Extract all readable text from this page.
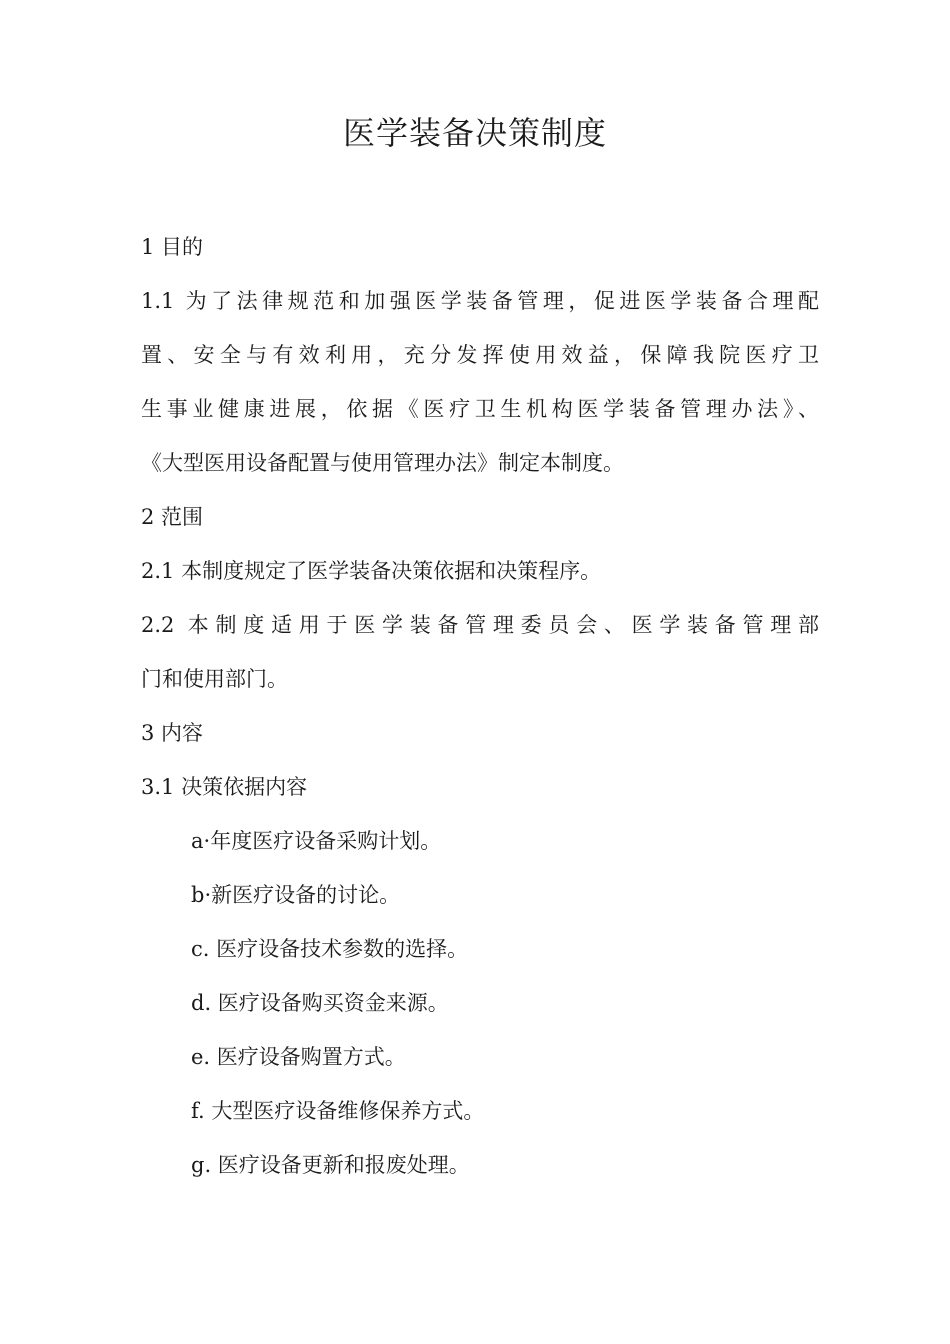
医学装备决策制度

1 目的

1.1 为了法律规范和加强医学装备管理，促进医学装备合理配

置、安全与有效利用，充分发挥使用效益，保障我院医疗卫

生事业健康进展，依据《医疗卫生机构医学装备管理办法》、

《大型医用设备配置与使用管理办法》制定本制度。

2 范围

2.1 本制度规定了医学装备决策依据和决策程序。

2.2 本制度适用于医学装备管理委员会、医学装备管理部

门和使用部门。

3 内容

3.1 决策依据内容

a·年度医疗设备采购计划。

b·新医疗设备的讨论。

c. 医疗设备技术参数的选择。

d. 医疗设备购买资金来源。

e. 医疗设备购置方式。

f. 大型医疗设备维修保养方式。

g. 医疗设备更新和报废处理。
